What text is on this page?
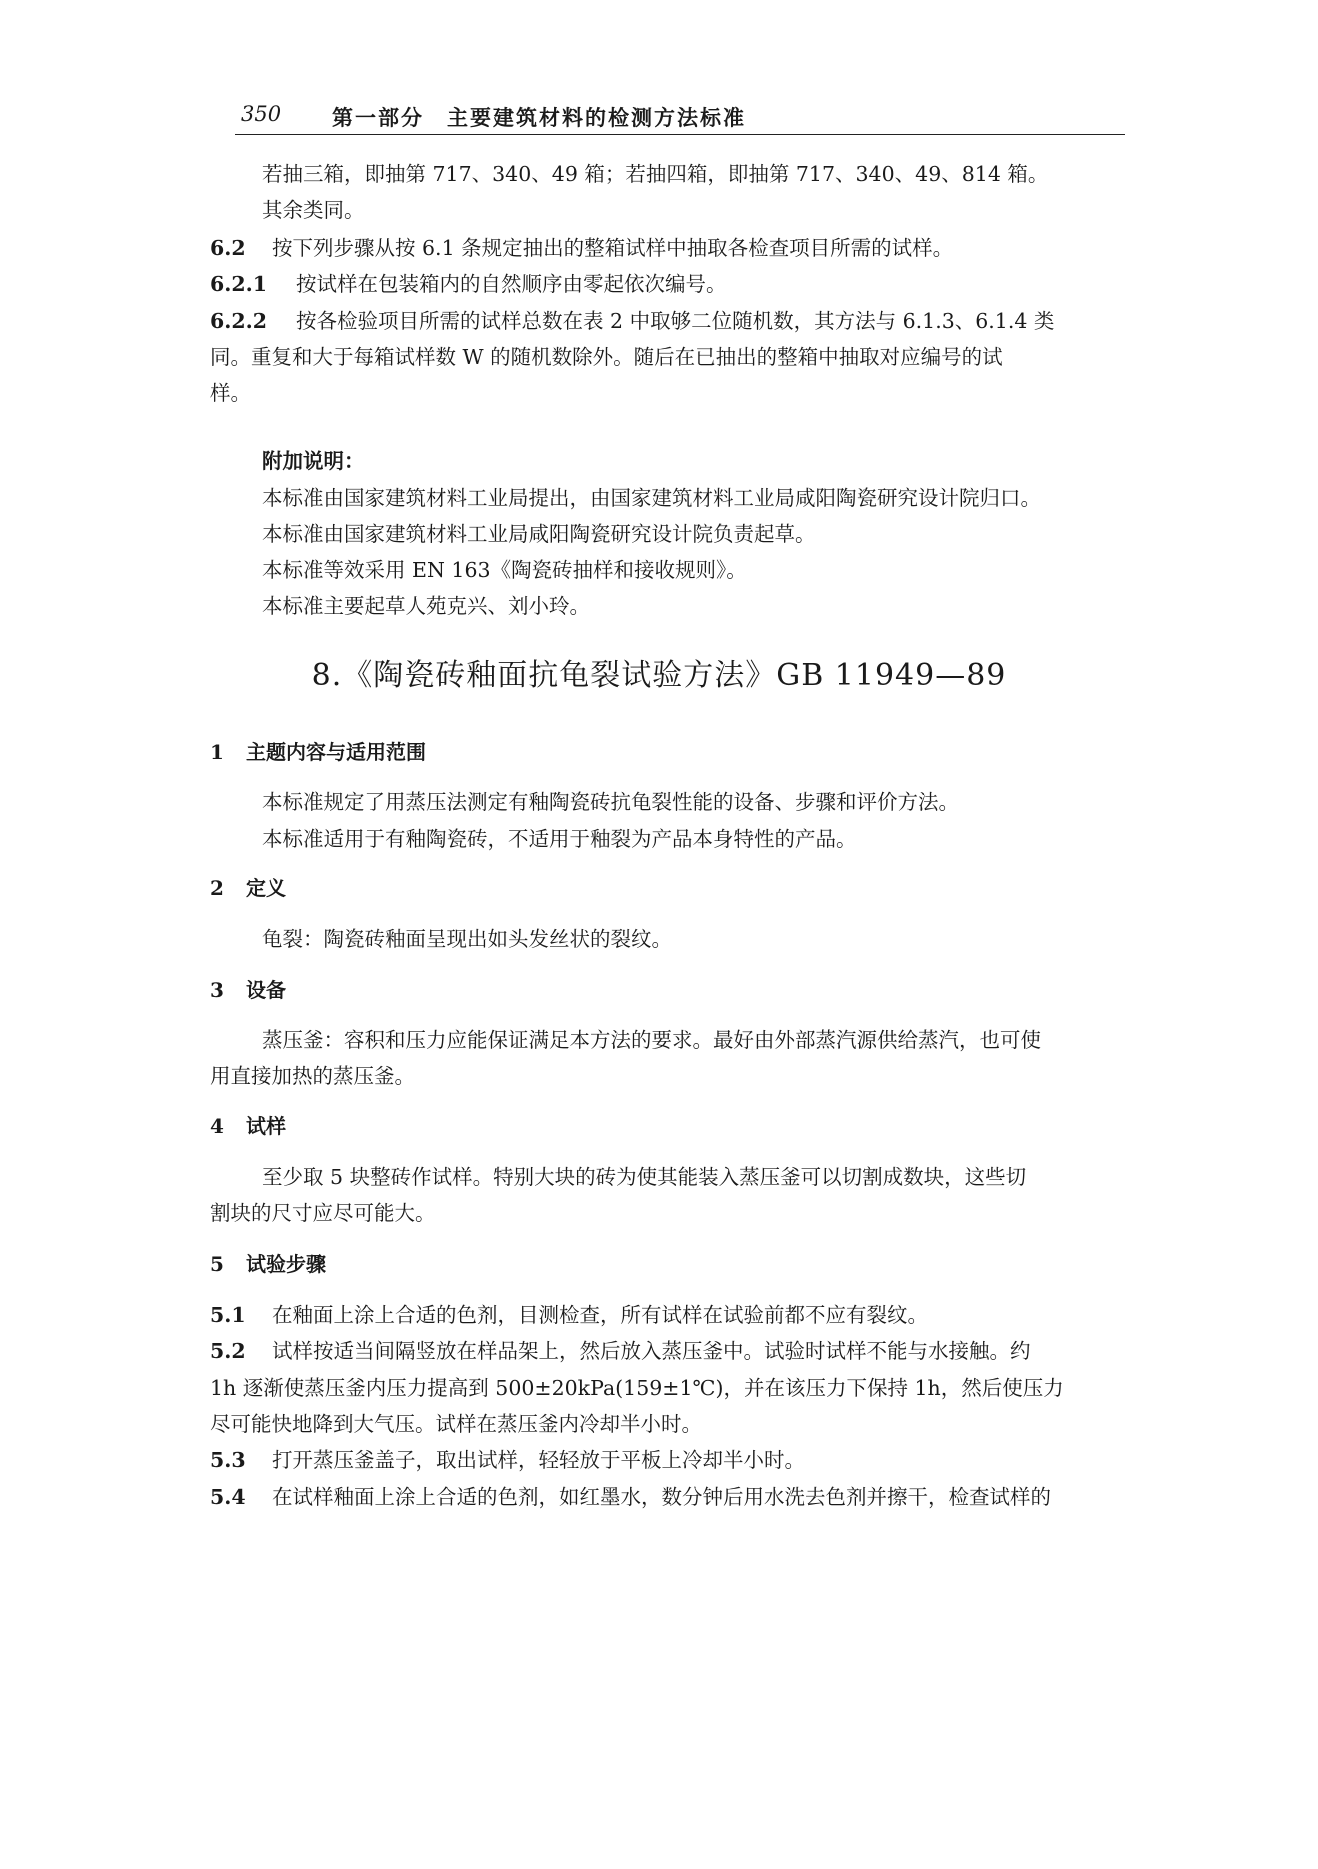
350 第一部分　主要建筑材料的检测方法标准
若抽三箱，即抽第 717、340、49 箱；若抽四箱，即抽第 717、340、49、814 箱。
其余类同。
6.2 按下列步骤从按 6.1 条规定抽出的整箱试样中抽取各检查项目所需的试样。
6.2.1 按试样在包装箱内的自然顺序由零起依次编号。
6.2.2 按各检验项目所需的试样总数在表 2 中取够二位随机数，其方法与 6.1.3、6.1.4 类
同。重复和大于每箱试样数 W 的随机数除外。随后在已抽出的整箱中抽取对应编号的试
样。
附加说明：
本标准由国家建筑材料工业局提出，由国家建筑材料工业局咸阳陶瓷研究设计院归口。
本标准由国家建筑材料工业局咸阳陶瓷研究设计院负责起草。
本标准等效采用 EN 163《陶瓷砖抽样和接收规则》。
本标准主要起草人苑克兴、刘小玲。
8.《陶瓷砖釉面抗龟裂试验方法》GB 11949—89
1 主题内容与适用范围
本标准规定了用蒸压法测定有釉陶瓷砖抗龟裂性能的设备、步骤和评价方法。
本标准适用于有釉陶瓷砖，不适用于釉裂为产品本身特性的产品。
2 定义
龟裂：陶瓷砖釉面呈现出如头发丝状的裂纹。
3 设备
蒸压釜：容积和压力应能保证满足本方法的要求。最好由外部蒸汽源供给蒸汽，也可使
用直接加热的蒸压釜。
4 试样
至少取 5 块整砖作试样。特别大块的砖为使其能装入蒸压釜可以切割成数块，这些切
割块的尺寸应尽可能大。
5 试验步骤
5.1 在釉面上涂上合适的色剂，目测检查，所有试样在试验前都不应有裂纹。
5.2 试样按适当间隔竖放在样品架上，然后放入蒸压釜中。试验时试样不能与水接触。约
1h 逐渐使蒸压釜内压力提高到 500±20kPa(159±1℃)，并在该压力下保持 1h，然后使压力
尽可能快地降到大气压。试样在蒸压釜内冷却半小时。
5.3 打开蒸压釜盖子，取出试样，轻轻放于平板上冷却半小时。
5.4 在试样釉面上涂上合适的色剂，如红墨水，数分钟后用水洗去色剂并擦干，检查试样的
